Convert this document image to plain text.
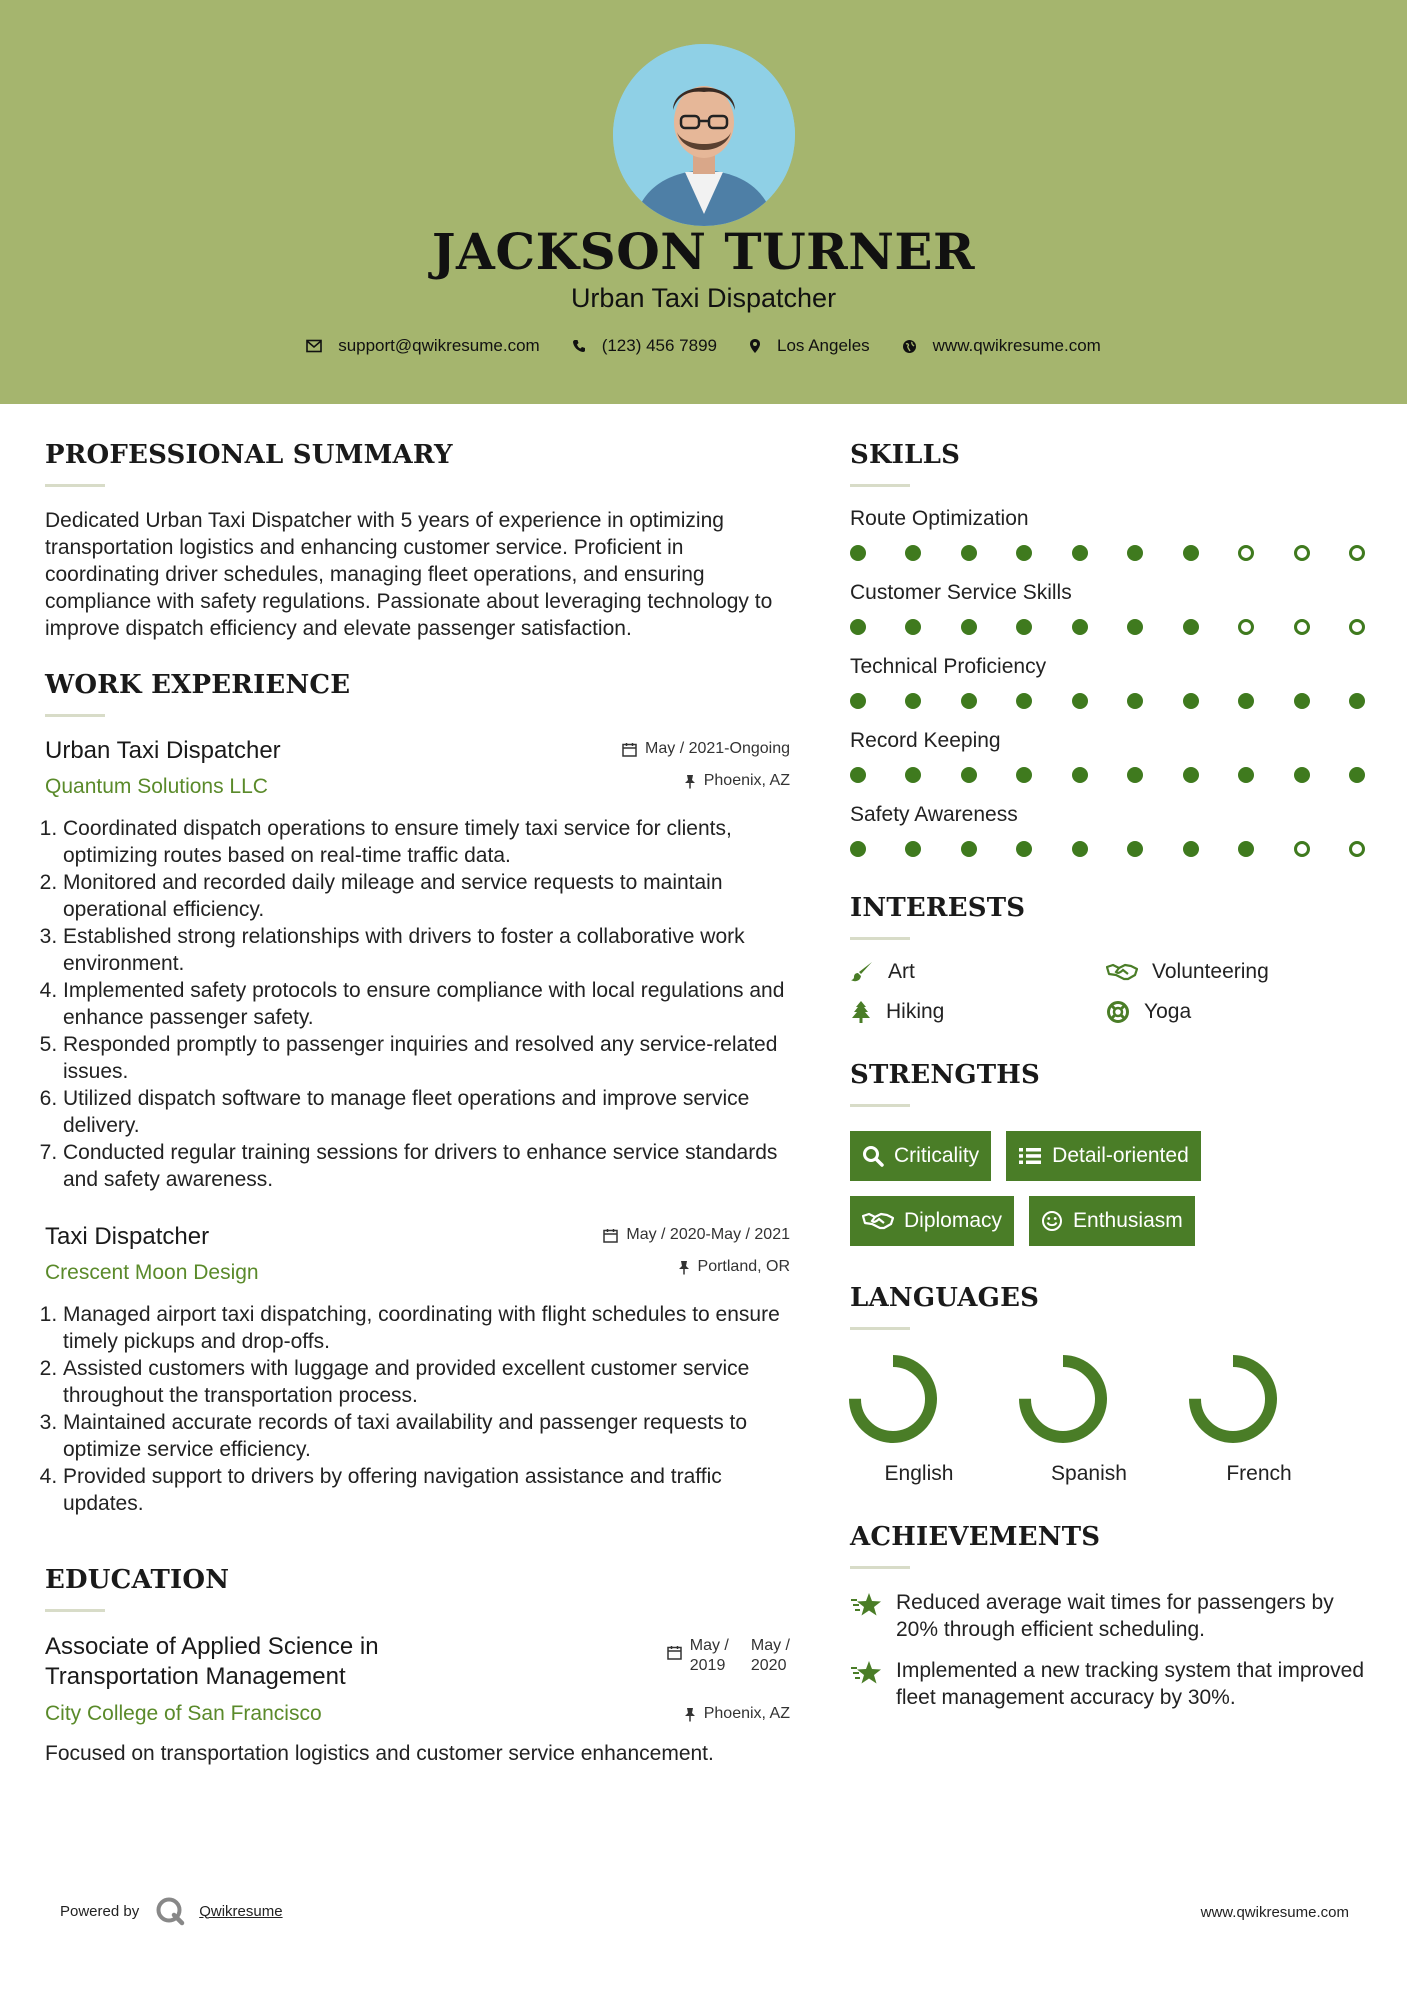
JACKSON TURNER
Urban Taxi Dispatcher
support@qwikresume.com	(123) 456 7899	Los Angeles	www.qwikresume.com
PROFESSIONAL SUMMARY
Dedicated Urban Taxi Dispatcher with 5 years of experience in optimizing transportation logistics and enhancing customer service. Proficient in coordinating driver schedules, managing fleet operations, and ensuring compliance with safety regulations. Passionate about leveraging technology to improve dispatch efficiency and elevate passenger satisfaction.
WORK EXPERIENCE
Urban Taxi Dispatcher
Quantum Solutions LLC
May / 2021-Ongoing
Phoenix, AZ
1. Coordinated dispatch operations to ensure timely taxi service for clients, optimizing routes based on real-time traffic data.
2. Monitored and recorded daily mileage and service requests to maintain operational efficiency.
3. Established strong relationships with drivers to foster a collaborative work environment.
4. Implemented safety protocols to ensure compliance with local regulations and enhance passenger safety.
5. Responded promptly to passenger inquiries and resolved any service-related issues.
6. Utilized dispatch software to manage fleet operations and improve service delivery.
7. Conducted regular training sessions for drivers to enhance service standards and safety awareness.
Taxi Dispatcher
Crescent Moon Design
May / 2020-May / 2021
Portland, OR
1. Managed airport taxi dispatching, coordinating with flight schedules to ensure timely pickups and drop-offs.
2. Assisted customers with luggage and provided excellent customer service throughout the transportation process.
3. Maintained accurate records of taxi availability and passenger requests to optimize service efficiency.
4. Provided support to drivers by offering navigation assistance and traffic updates.
EDUCATION
Associate of Applied Science in Transportation Management
May /
2019
May /
2020
City College of San Francisco	Phoenix, AZ
Focused on transportation logistics and customer service enhancement.
SKILLS
Route Optimization
Customer Service Skills
Technical Proficiency
Record Keeping
Safety Awareness
INTERESTS
Art	Volunteering
Hiking	Yoga
STRENGTHS
Criticality	Detail-oriented
Diplomacy	Enthusiasm
LANGUAGES
English	Spanish	French
ACHIEVEMENTS
Reduced average wait times for passengers by 20% through efficient scheduling.
Implemented a new tracking system that improved fleet management accuracy by 30%.
Powered by	Qwikresume	www.qwikresume.com
